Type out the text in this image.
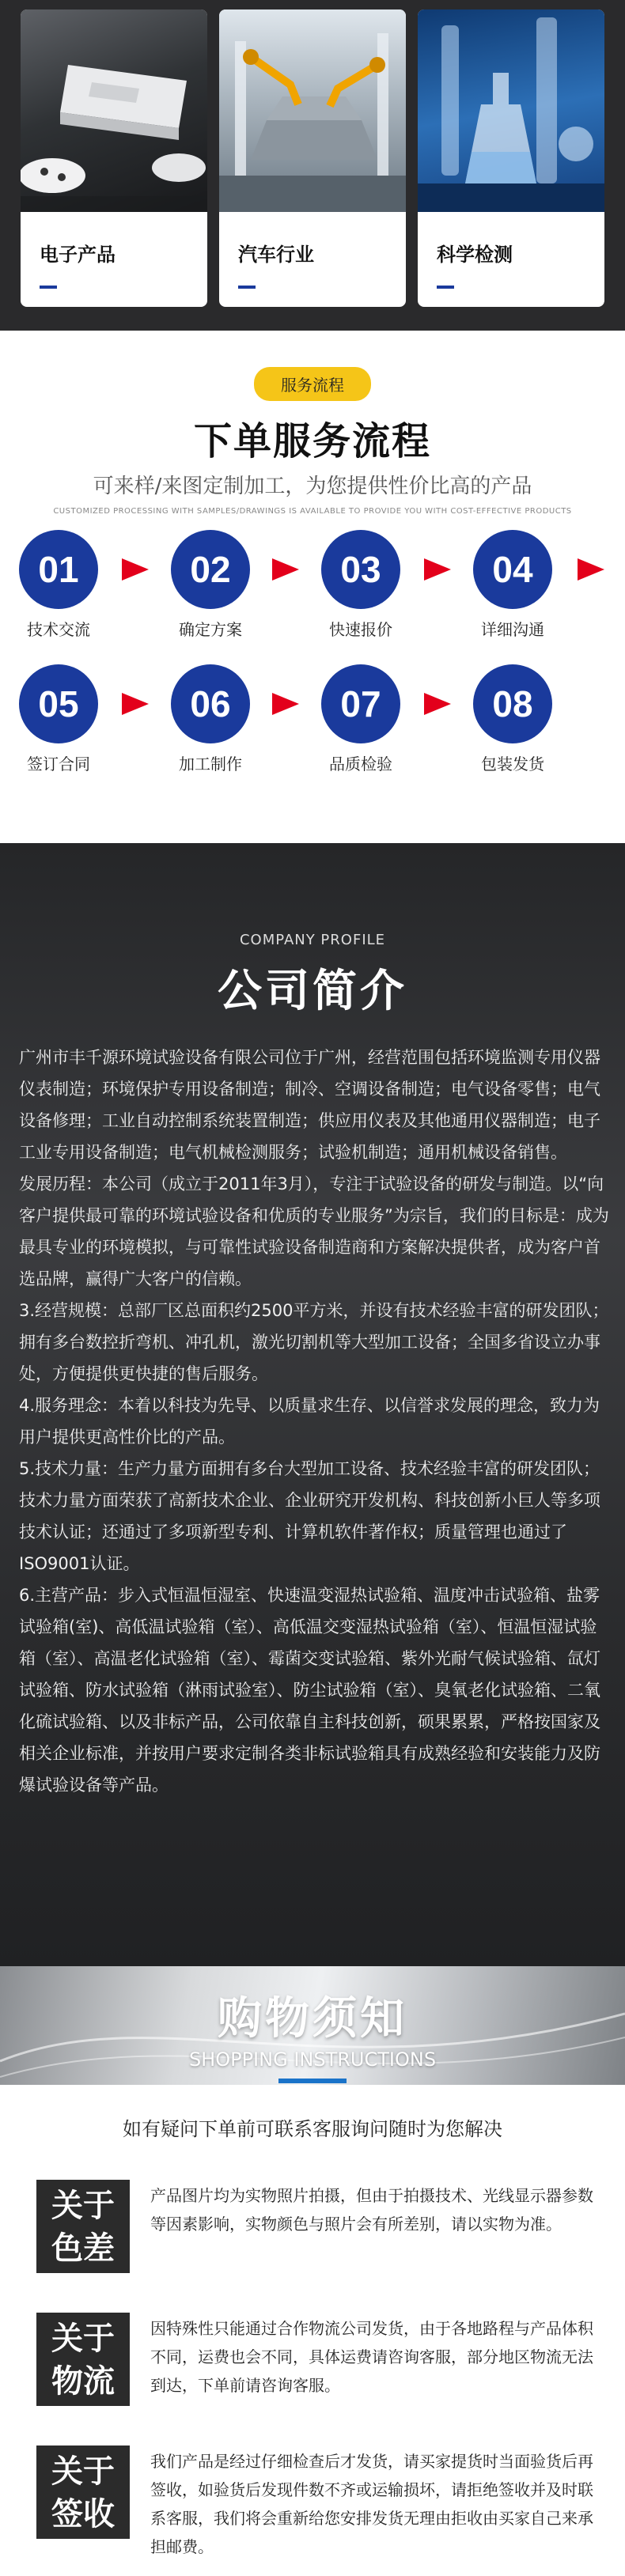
电子产品	汽车行业	科学检测
服务流程
下单服务流程
可来样/来图定制加工，为您提供性价比高的产品
CUSTOMIZED PROCESSING WITH SAMPLES/DRAWINGS IS AVAILABLE TO PROVIDE YOU WITH COST-EFFECTIVE PRODUCTS
01
技术交流
02
确定方案
03
快速报价
04
详细沟通
05
签订合同
06
加工制作
07
品质检验
08
包装发货
COMPANY PROFILE
公司简介

广州市丰千源环境试验设备有限公司位于广州，经营范围包括环境监测专用仪器仪表制造；环境保护专用设备制造；制冷、空调设备制造；电气设备零售；电气设备修理；工业自动控制系统装置制造；供应用仪表及其他通用仪器制造；电子工业专用设备制造；电气机械检测服务；试验机制造；通用机械设备销售。

发展历程：本公司（成立于2011年3月），专注于试验设备的研发与制造。以“向客户提供最可靠的环境试验设备和优质的专业服务”为宗旨，我们的目标是：成为最具专业的环境模拟，与可靠性试验设备制造商和方案解决提供者，成为客户首选品牌，赢得广大客户的信赖。

3.经营规模：总部厂区总面积约2500平方米，并设有技术经验丰富的研发团队；拥有多台数控折弯机、冲孔机，激光切割机等大型加工设备；全国多省设立办事处，方便提供更快捷的售后服务。

4.服务理念：本着以科技为先导、以质量求生存、以信誉求发展的理念，致力为用户提供更高性价比的产品。

5.技术力量：生产力量方面拥有多台大型加工设备、技术经验丰富的研发团队；技术力量方面荣获了高新技术企业、企业研究开发机构、科技创新小巨人等多项技术认证；还通过了多项新型专利、计算机软件著作权；质量管理也通过了ISO9001认证。

6.主营产品：步入式恒温恒湿室、快速温变湿热试验箱、温度冲击试验箱、盐雾试验箱(室)、高低温试验箱（室）、高低温交变湿热试验箱（室）、恒温恒湿试验箱（室）、高温老化试验箱（室）、霉菌交变试验箱、紫外光耐气候试验箱、氙灯试验箱、防水试验箱（淋雨试验室）、防尘试验箱（室）、臭氧老化试验箱、二氧化硫试验箱、以及非标产品，公司依靠自主科技创新，硕果累累，严格按国家及相关企业标准，并按用户要求定制各类非标试验箱具有成熟经验和安装能力及防爆试验设备等产品。

购物须知
SHOPPING INSTRUCTIONS
如有疑问下单前可联系客服询问随时为您解决
关于
色差
产品图片均为实物照片拍摄，但由于拍摄技术、光线显示器参数等因素影响，实物颜色与照片会有所差别，请以实物为准。
关于
物流
因特殊性只能通过合作物流公司发货，由于各地路程与产品体积不同，运费也会不同，具体运费请咨询客服，部分地区物流无法到达，下单前请咨询客服。
关于
签收
我们产品是经过仔细检查后才发货，请买家提货时当面验货后再签收，如验货后发现件数不齐或运输损坏，请拒绝签收并及时联系客服，我们将会重新给您安排发货无理由拒收由买家自己来承担邮费。
